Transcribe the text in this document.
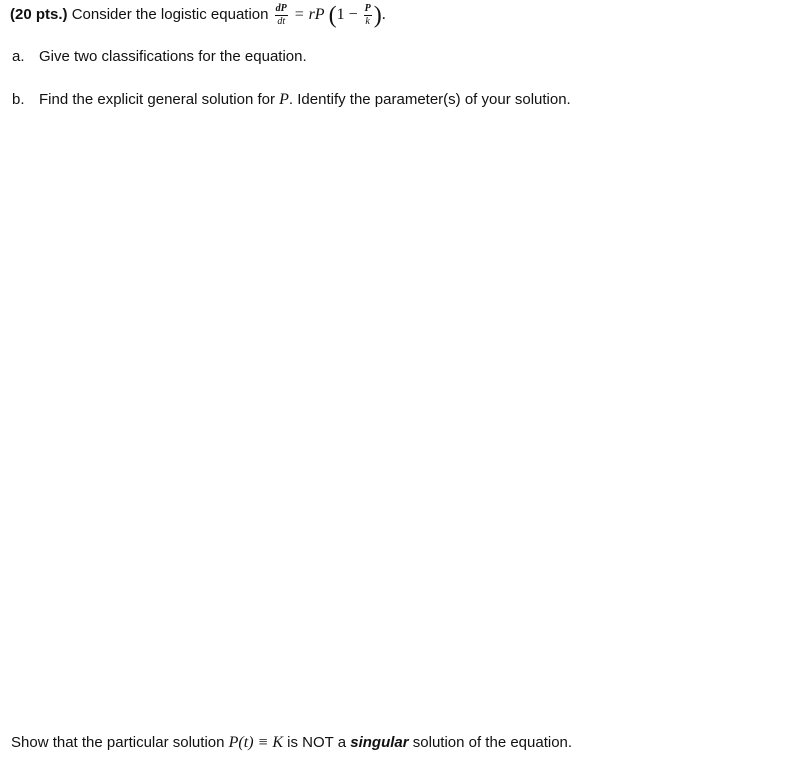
(20 pts.) Consider the logistic equation $\frac{dP}{dt}$ = rP ($1 - \frac{P}{k}$ ).
a. Give two classifications for the equation.
b. Find the explicit general solution for P. Identify the parameter(s) of your solution.
Show that the particular solution P(t) ≡ K is NOT a singular solution of the equation.
